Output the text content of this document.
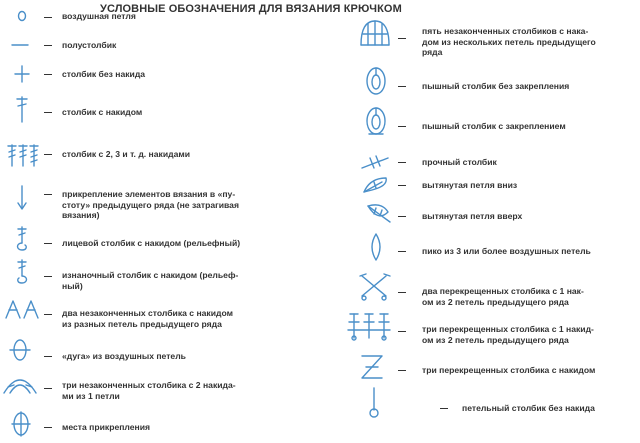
УСЛОВНЫЕ ОБОЗНАЧЕНИЯ ДЛЯ ВЯЗАНИЯ КРЮЧКОМ
воздушная петля
полустолбик
столбик без накида
столбик с накидом
столбик с 2, 3 и т. д. накидами
прикрепление элементов вязания в «пу-
стоту» предыдущего ряда (не затрагивая
вязания)
лицевой столбик с накидом (рельефный)
изнаночный столбик с накидом (рельеф-
ный)
два незаконченных столбика с накидом
из разных петель предыдущего ряда
«дуга» из воздушных петель
три незаконченных столбика с 2 накида-
ми из 1 петли
места прикрепления
пять незаконченных столбиков с нака-
дом из нескольких петель предыдущего
ряда
пышный столбик без закрепления
пышный столбик с закреплением
прочный столбик
вытянутая петля вниз
вытянутая петля вверх
пико из 3 или более воздушных петель
два перекрещенных столбика с 1 нак-
ом из 2 петель предыдущего ряда
три перекрещенных столбика с 1 накид-
ом из 2 петель предыдущего ряда
три перекрещенных столбика с накидом
петельный столбик без накида
